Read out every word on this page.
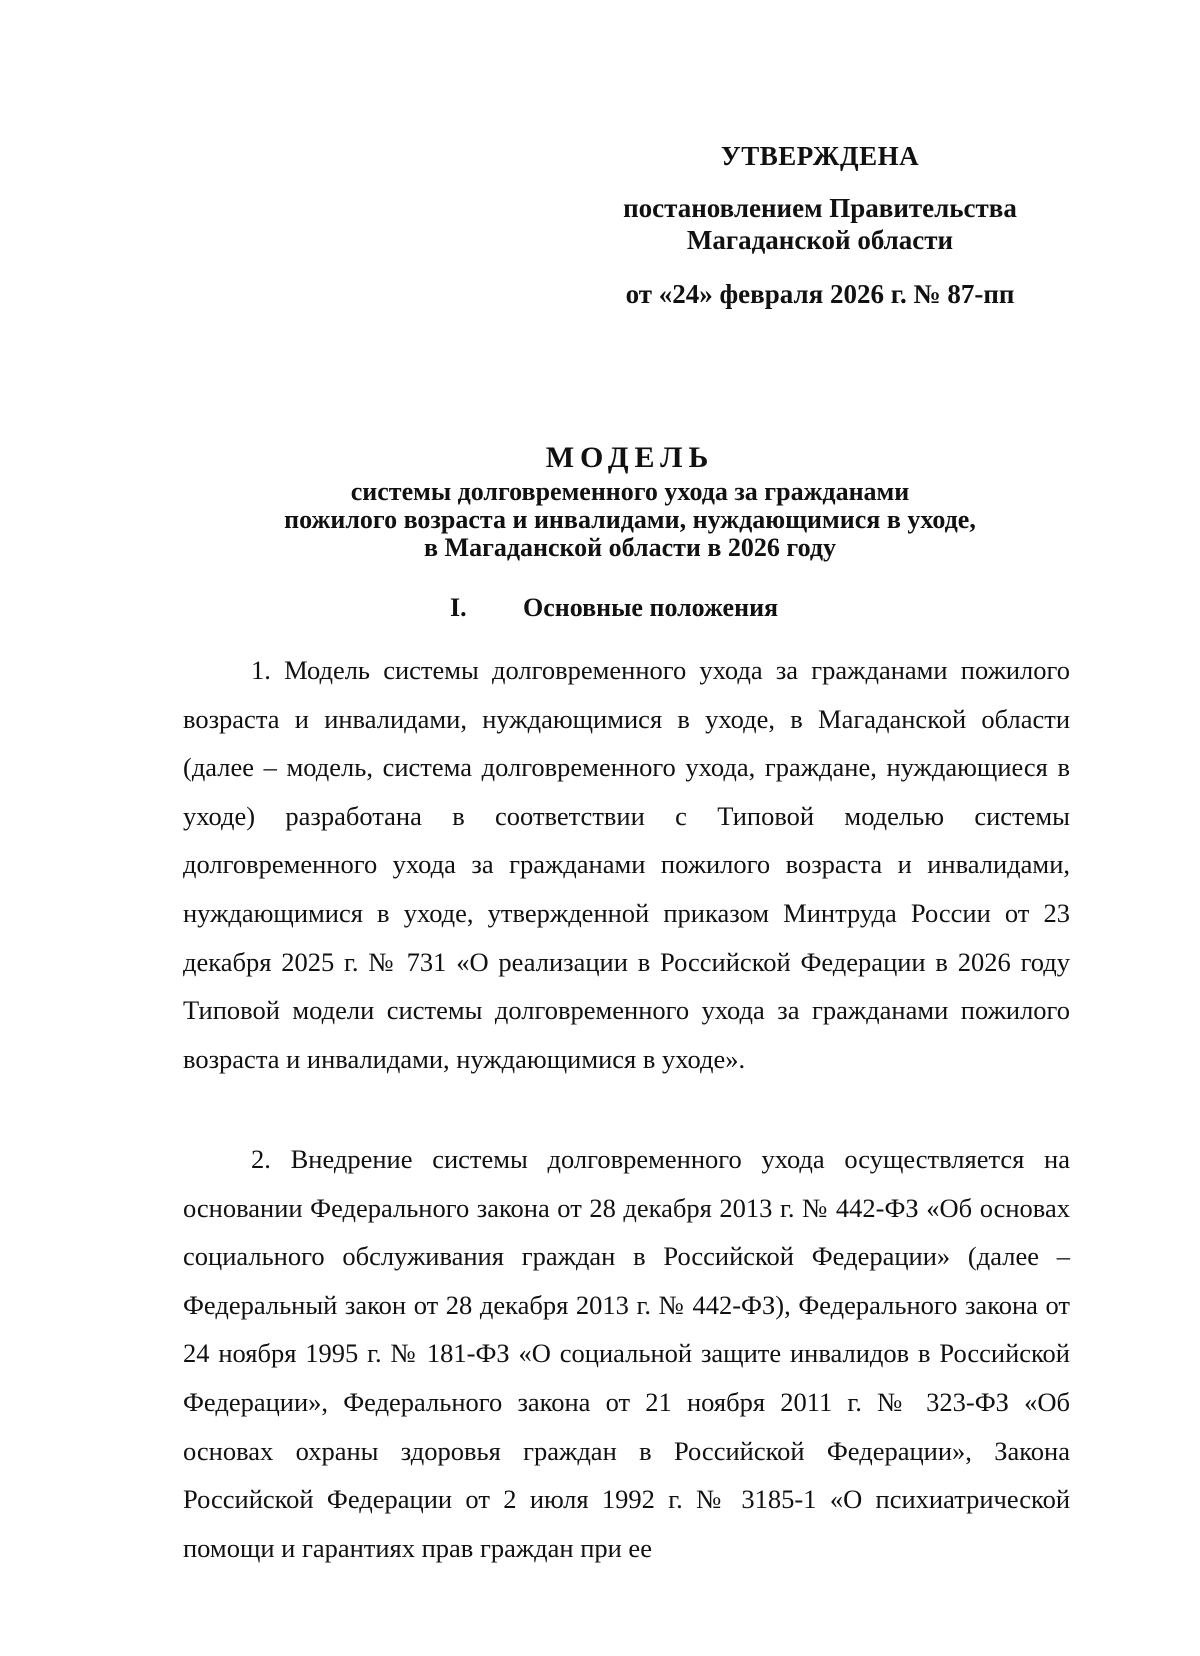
УТВЕРЖДЕНА
постановлением Правительства
Магаданской области
от «24» февраля 2026 г. № 87-пп
МОДЕЛЬ
системы долговременного ухода за гражданами
пожилого возраста и инвалидами, нуждающимися в уходе,
в Магаданской области в 2026 году
I. Основные положения

1. Модель системы долговременного ухода за гражданами пожилого возраста и инвалидами, нуждающимися в уходе, в Магаданской области (далее – модель, система долговременного ухода, граждане, нуждающиеся в уходе) разработана в соответствии с Типовой моделью системы долговременного ухода за гражданами пожилого возраста и инвалидами, нуждающимися в уходе, утвержденной приказом Минтруда России от 23 декабря 2025 г. № 731 «О реализации в Российской Федерации в 2026 году Типовой модели системы долговременного ухода за гражданами пожилого возраста и инвалидами, нуждающимися в уходе».

2. Внедрение системы долговременного ухода осуществляется на основании Федерального закона от 28 декабря 2013 г. № 442-ФЗ «Об основах социального обслуживания граждан в Российской Федерации» (далее – Федеральный закон от 28 декабря 2013 г. № 442-ФЗ), Федерального закона от 24 ноября 1995 г. № 181-ФЗ «О социальной защите инвалидов в Российской Федерации», Федерального закона от 21 ноября 2011 г. № 323-ФЗ «Об основах охраны здоровья граждан в Российской Федерации», Закона Российской Федерации от 2 июля 1992 г. № 3185-1 «О психиатрической помощи и гарантиях прав граждан при ее
